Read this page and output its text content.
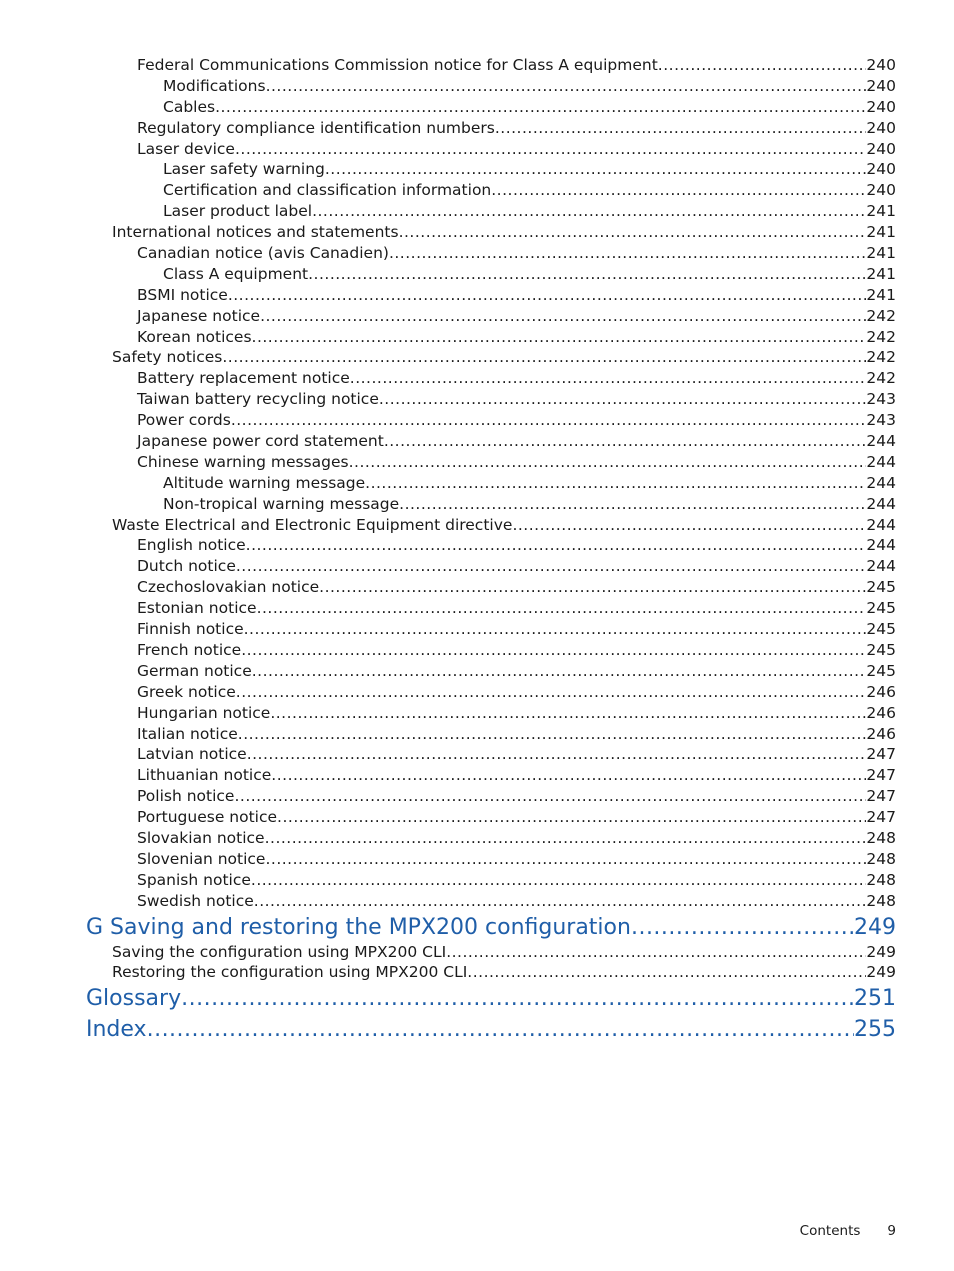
Federal Communications Commission notice for Class A equipment .....	240
Modifications .....	240
Cables .....	240
Regulatory compliance identification numbers .....	240
Laser device .....	240
Laser safety warning .....	240
Certification and classification information .....	240
Laser product label .....	241
International notices and statements .....	241
Canadian notice (avis Canadien) .....	241
Class A equipment .....	241
BSMI notice .....	241
Japanese notice .....	242
Korean notices .....	242
Safety notices .....	242
Battery replacement notice .....	242
Taiwan battery recycling notice .....	243
Power cords .....	243
Japanese power cord statement .....	244
Chinese warning messages .....	244
Altitude warning message .....	244
Non-tropical warning message .....	244
Waste Electrical and Electronic Equipment directive .....	244
English notice .....	244
Dutch notice .....	244
Czechoslovakian notice .....	245
Estonian notice .....	245
Finnish notice .....	245
French notice .....	245
German notice .....	245
Greek notice .....	246
Hungarian notice .....	246
Italian notice .....	246
Latvian notice .....	247
Lithuanian notice .....	247
Polish notice .....	247
Portuguese notice .....	247
Slovakian notice .....	248
Slovenian notice .....	248
Spanish notice .....	248
Swedish notice .....	248
G Saving and restoring the MPX200 configuration .....	249
Saving the configuration using MPX200 CLI .....	249
Restoring the configuration using MPX200 CLI .....	249
Glossary .....	251
Index .....	255
Contents 9
